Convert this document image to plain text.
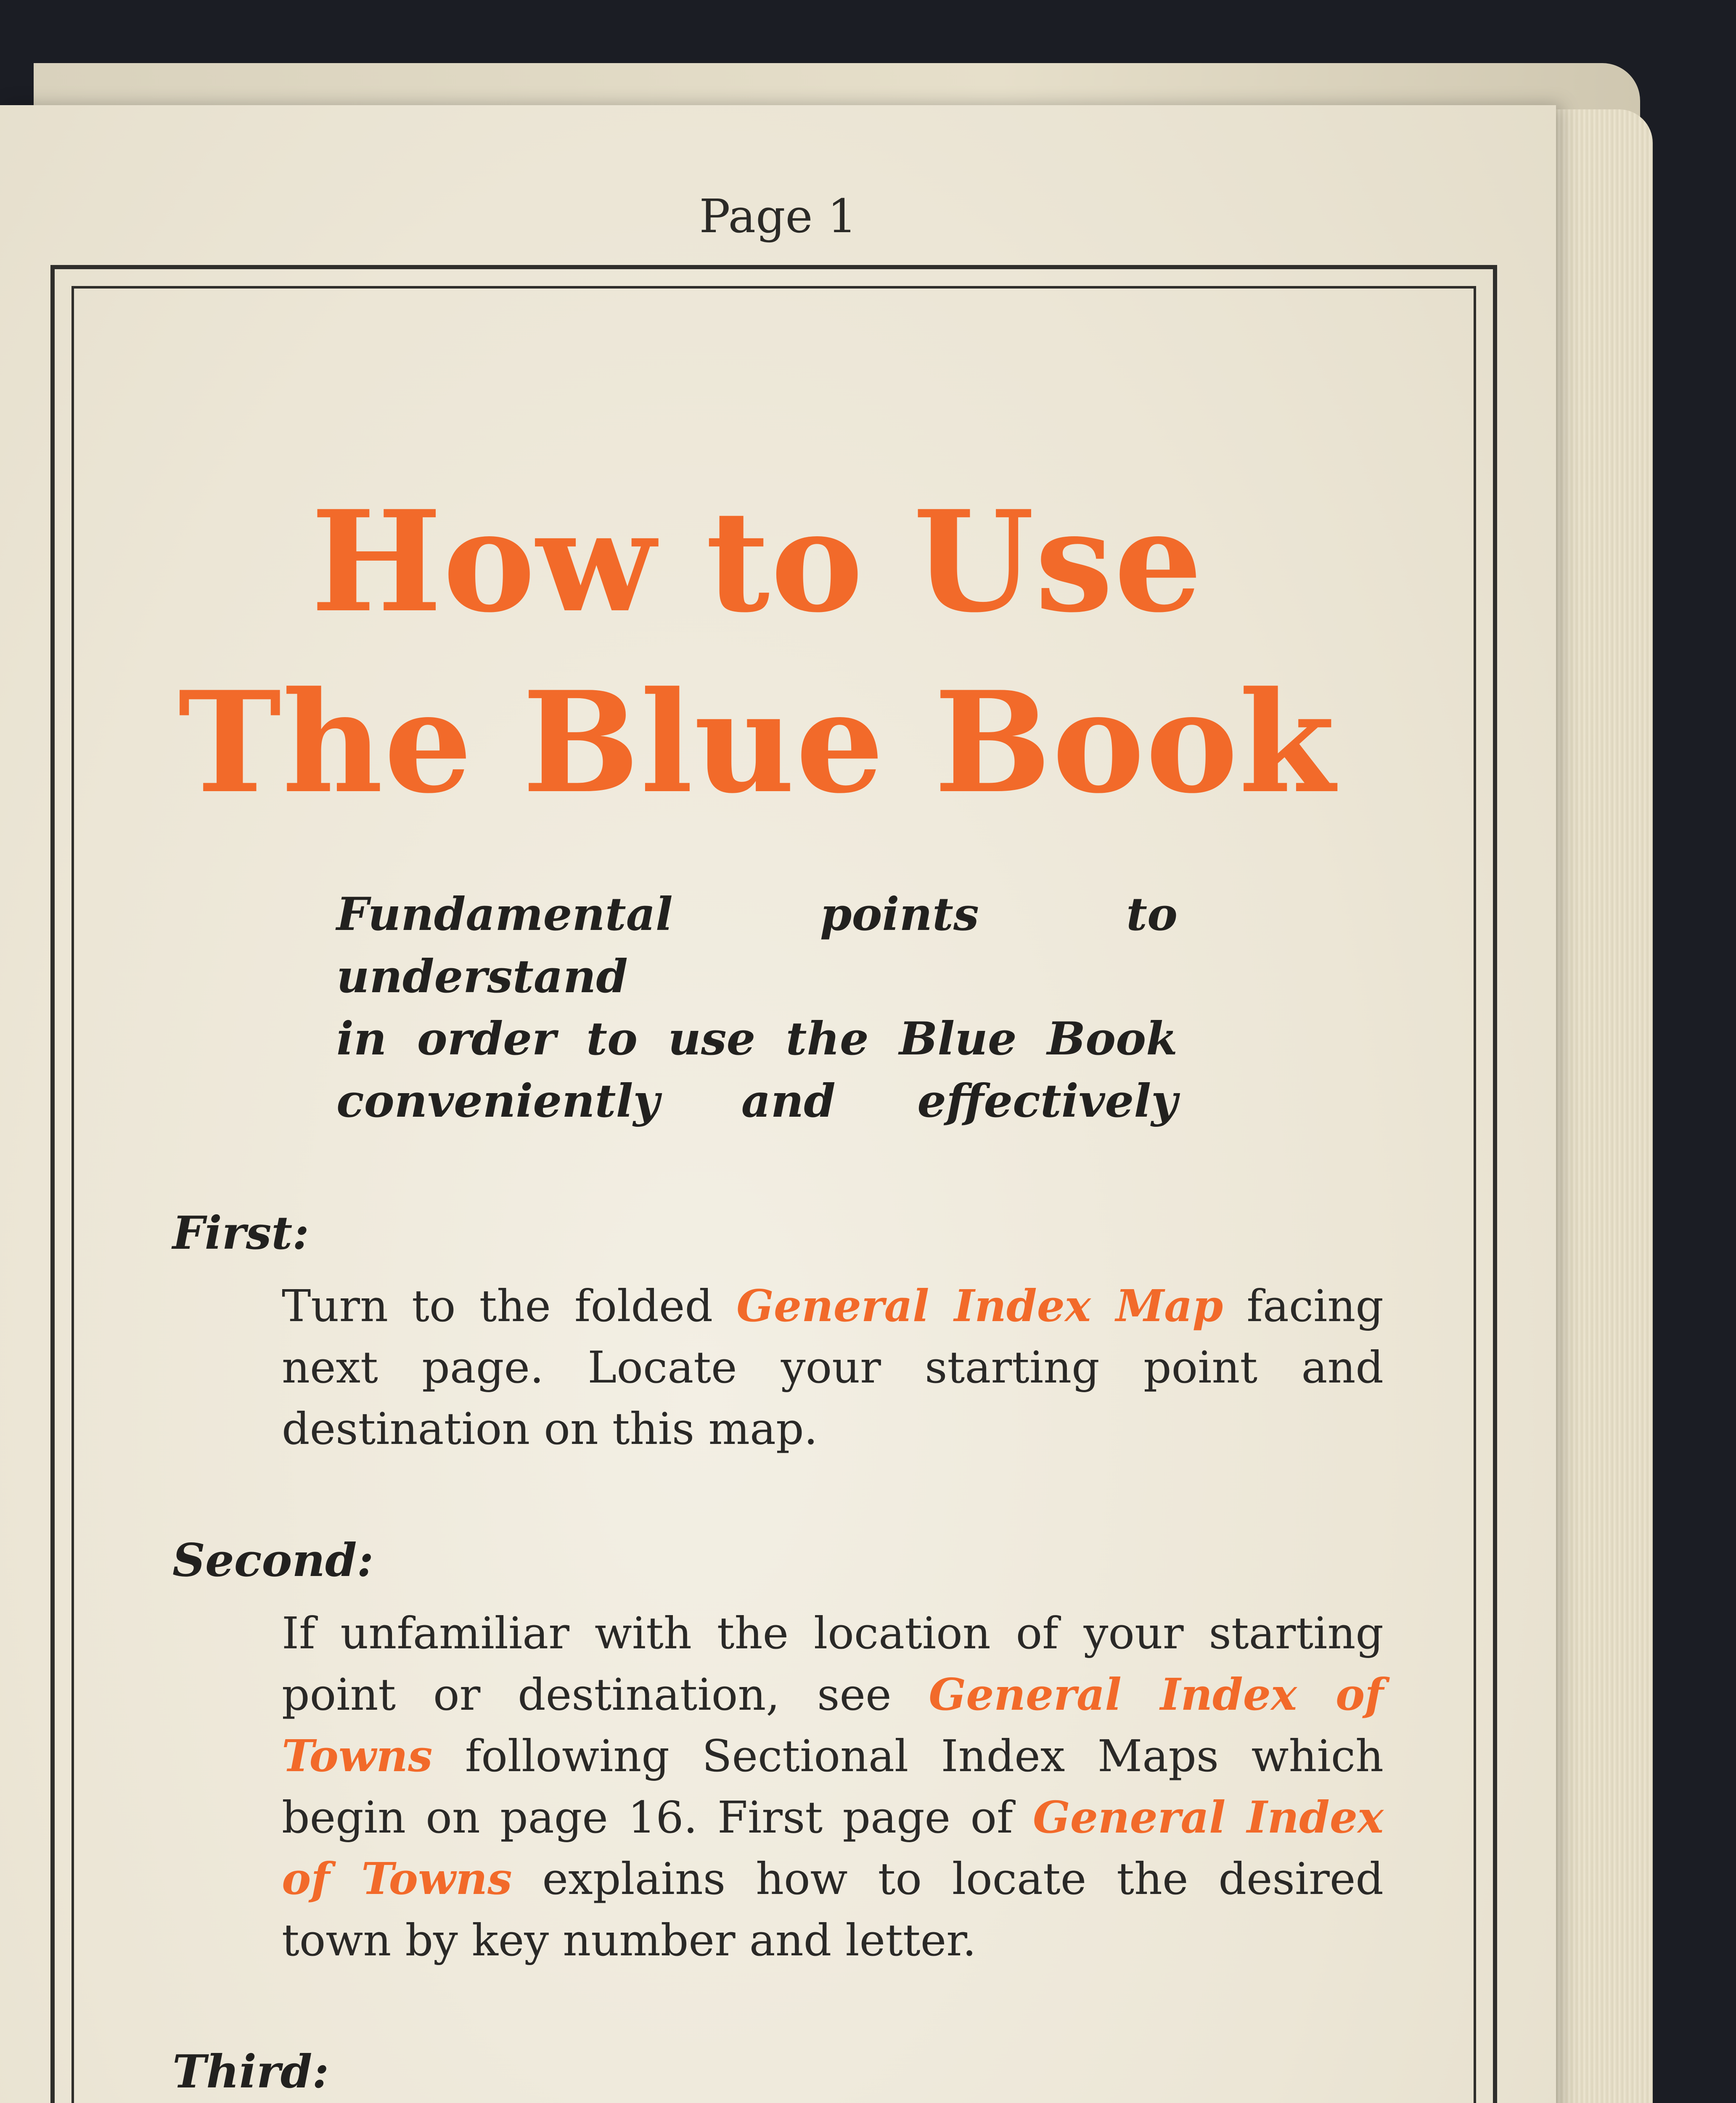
Page 1
How to Use
The Blue Book
Fundamental points to understand
in order to use the Blue Book
conveniently and effectively
First:
Turn to the folded General Index Map facing next page. Locate your starting point and destination on this map.
Second:
If unfamiliar with the location of your starting point or destination, see General Index of Towns following Sectional Index Maps which begin on page 16. First page of General Index of Towns explains how to locate the desired town by key number and letter.
Third:
